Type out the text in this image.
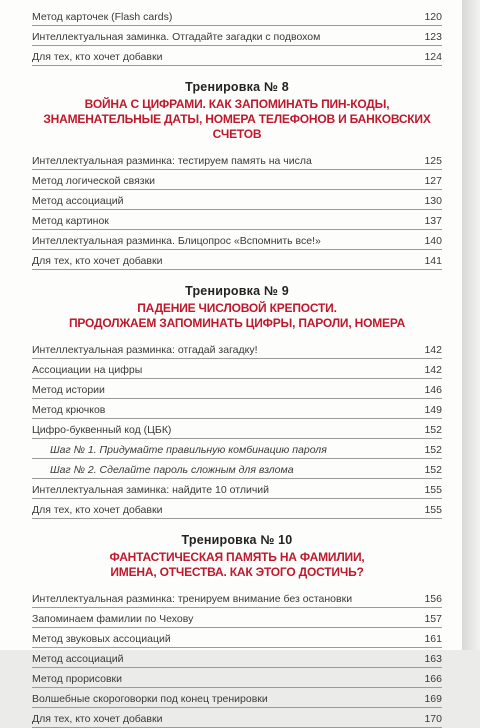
Метод карточек (Flash cards)	120
Интеллектуальная заминка. Отгадайте загадки с подвохом	123
Для тех, кто хочет добавки	124
Тренировка № 8
ВОЙНА С ЦИФРАМИ. КАК ЗАПОМИНАТЬ ПИН-КОДЫ,
ЗНАМЕНАТЕЛЬНЫЕ ДАТЫ, НОМЕРА ТЕЛЕФОНОВ И БАНКОВСКИХ СЧЕТОВ
Интеллектуальная разминка: тестируем память на числа	125
Метод логической связки	127
Метод ассоциаций	130
Метод картинок	137
Интеллектуальная разминка. Блицопрос «Вспомнить все!»	140
Для тех, кто хочет добавки	141
Тренировка № 9
ПАДЕНИЕ ЧИСЛОВОЙ КРЕПОСТИ.
ПРОДОЛЖАЕМ ЗАПОМИНАТЬ ЦИФРЫ, ПАРОЛИ, НОМЕРА
Интеллектуальная разминка: отгадай загадку!	142
Ассоциации на цифры	142
Метод истории	146
Метод крючков	149
Цифро-буквенный код (ЦБК)	152
Шаг № 1. Придумайте правильную комбинацию пароля	152
Шаг № 2. Сделайте пароль сложным для взлома	152
Интеллектуальная заминка: найдите 10 отличий	155
Для тех, кто хочет добавки	155
Тренировка № 10
ФАНТАСТИЧЕСКАЯ ПАМЯТЬ НА ФАМИЛИИ,
ИМЕНА, ОТЧЕСТВА. КАК ЭТОГО ДОСТИЧЬ?
Интеллектуальная разминка: тренируем внимание без остановки	156
Запоминаем фамилии по Чехову	157
Метод звуковых ассоциаций	161
Метод ассоциаций	163
Метод прорисовки	166
Волшебные скороговорки под конец тренировки	169
Для тех, кто хочет добавки	170
